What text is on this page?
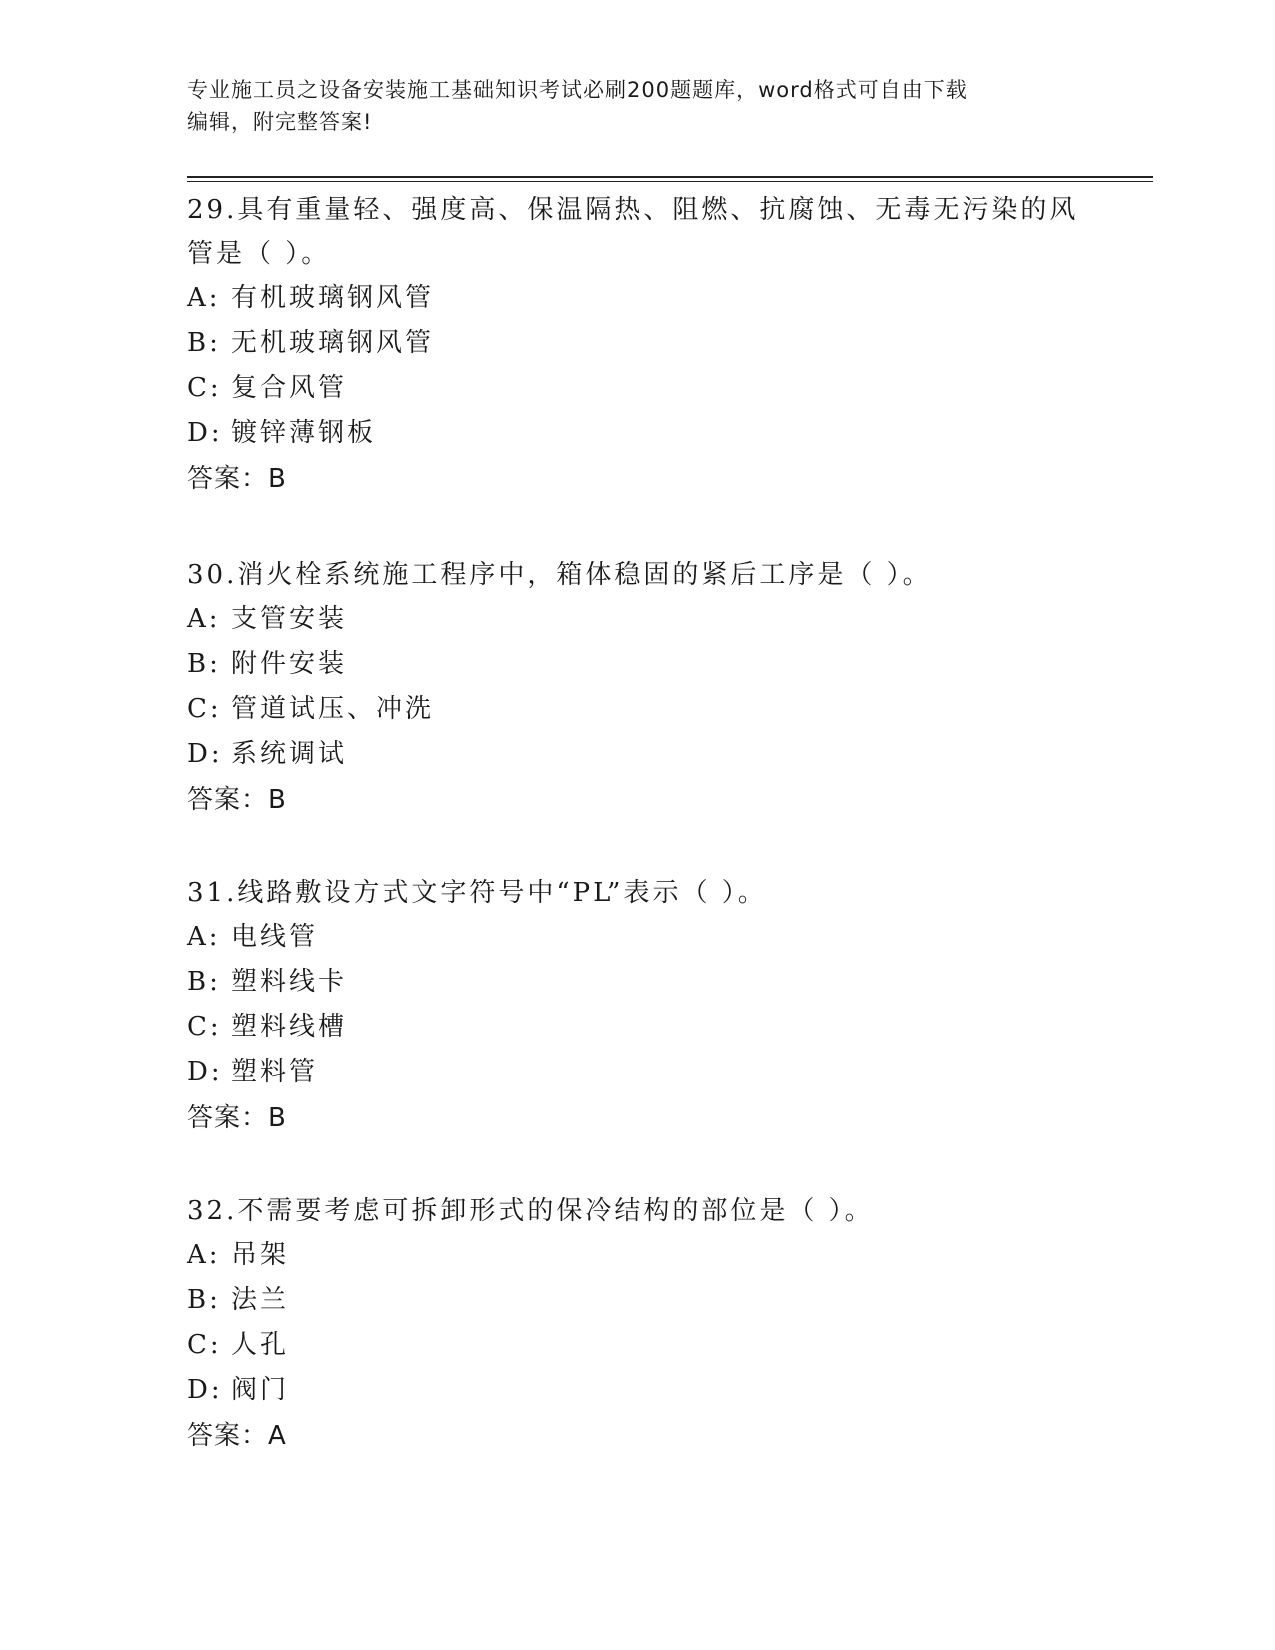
专业施工员之设备安装施工基础知识考试必刷200题题库，word格式可自由下载
编辑，附完整答案!

29.具有重量轻、强度高、保温隔热、阻燃、抗腐蚀、无毒无污染的风

管是（ ）。

A: 有机玻璃钢风管

B: 无机玻璃钢风管

C: 复合风管

D: 镀锌薄钢板

答案：B

30.消火栓系统施工程序中，箱体稳固的紧后工序是（ ）。

A: 支管安装

B: 附件安装

C: 管道试压、冲洗

D: 系统调试

答案：B

31.线路敷设方式文字符号中“PL”表示（ ）。

A: 电线管

B: 塑料线卡

C: 塑料线槽

D: 塑料管

答案：B

32.不需要考虑可拆卸形式的保冷结构的部位是（ ）。

A: 吊架

B: 法兰

C: 人孔

D: 阀门

答案：A
